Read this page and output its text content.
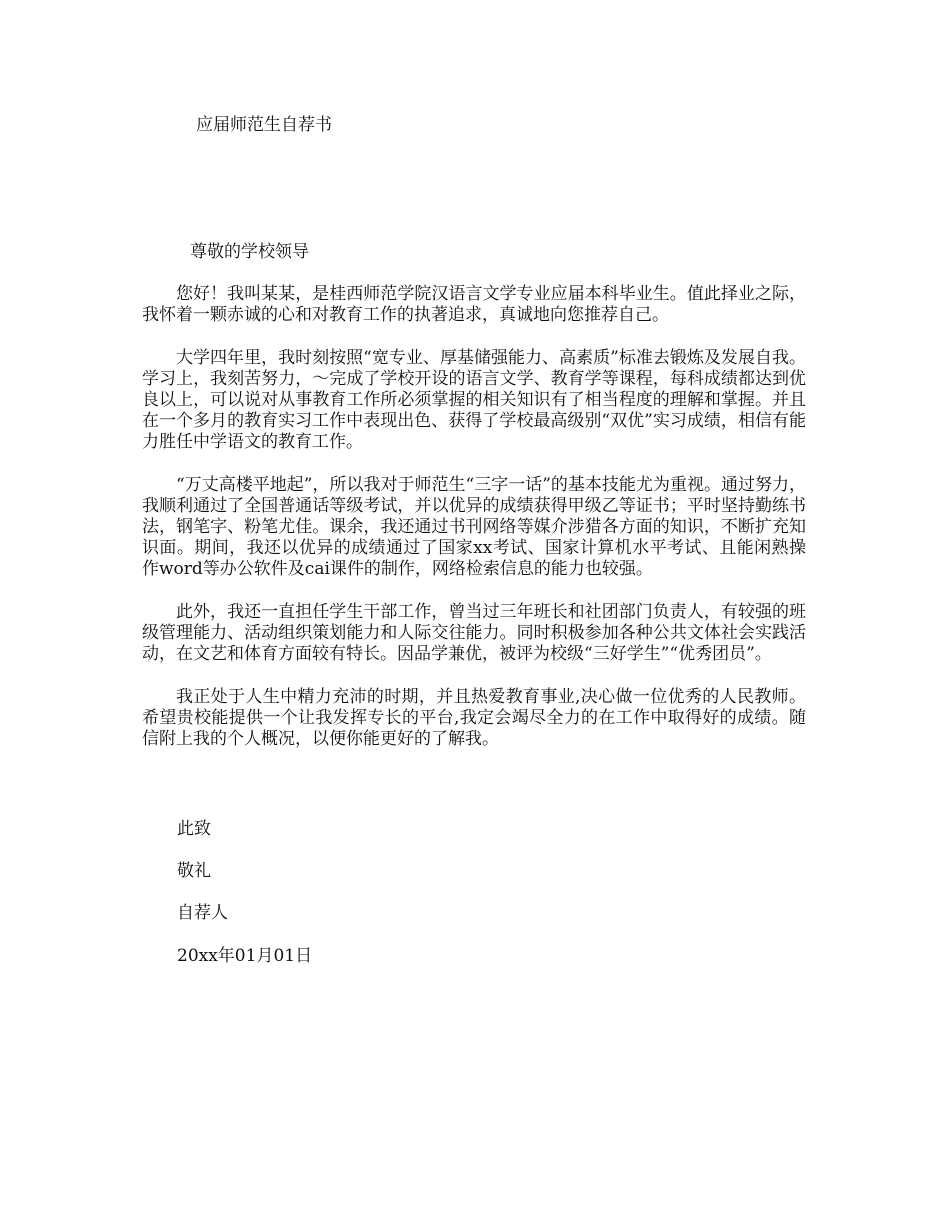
应届师范生自荐书

尊敬的学校领导

您好！我叫某某，是桂西师范学院汉语言文学专业应届本科毕业生。值此择业之际，我怀着一颗赤诚的心和对教育工作的执著追求，真诚地向您推荐自己。

大学四年里，我时刻按照“宽专业、厚基储强能力、高素质”标准去锻炼及发展自我。学习上，我刻苦努力，～完成了学校开设的语言文学、教育学等课程，每科成绩都达到优良以上，可以说对从事教育工作所必须掌握的相关知识有了相当程度的理解和掌握。并且在一个多月的教育实习工作中表现出色、获得了学校最高级别“双优”实习成绩，相信有能力胜任中学语文的教育工作。

“万丈高楼平地起”，所以我对于师范生“三字一话”的基本技能尤为重视。通过努力，我顺利通过了全国普通话等级考试，并以优异的成绩获得甲级乙等证书；平时坚持勤练书法，钢笔字、粉笔尤佳。课余，我还通过书刊网络等媒介涉猎各方面的知识，不断扩充知识面。期间，我还以优异的成绩通过了国家xx考试、国家计算机水平考试、且能闲熟操作word等办公软件及cai课件的制作，网络检索信息的能力也较强。

此外，我还一直担任学生干部工作，曾当过三年班长和社团部门负责人，有较强的班级管理能力、活动组织策划能力和人际交往能力。同时积极参加各种公共文体社会实践活动，在文艺和体育方面较有特长。因品学兼优，被评为校级“三好学生”“优秀团员”。

我正处于人生中精力充沛的时期，并且热爱教育事业,决心做一位优秀的人民教师。希望贵校能提供一个让我发挥专长的平台,我定会竭尽全力的在工作中取得好的成绩。随信附上我的个人概况，以便你能更好的了解我。

此致

敬礼

自荐人

20xx年01月01日
